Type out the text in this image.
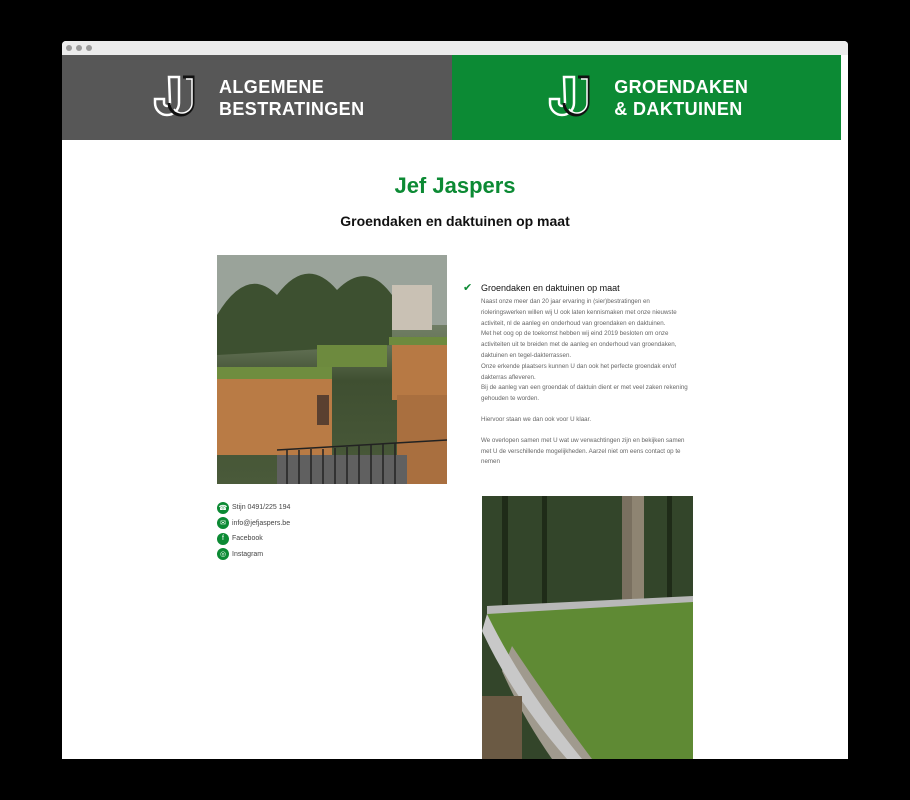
ALGEMENE
BESTRATINGEN
GROENDAKEN
& DAKTUINEN
Jef Jaspers
Groendaken en daktuinen op maat
✔ Groendaken en daktuinen op maat

Naast onze meer dan 20 jaar ervaring in (sier)bestratingen en rioleringswerken willen wij U ook laten kennismaken met onze nieuwste activiteit, nl de aanleg en onderhoud van groendaken en daktuinen.

Met het oog op de toekomst hebben wij eind 2019 besloten om onze activiteiten uit te breiden met de aanleg en onderhoud van groendaken, daktuinen en tegel-dakterrassen.

Onze erkende plaatsers kunnen U dan ook het perfecte groendak en/of dakterras afleveren.

Bij de aanleg van een groendak of daktuin dient er met veel zaken rekening gehouden te worden.

Hiervoor staan we dan ook voor U klaar.

We overlopen samen met U wat uw verwachtingen zijn en bekijken samen met U de verschillende mogelijkheden. Aarzel niet om eens contact op te nemen

☎ Stijn 0491/225 194
✉ info@jefjaspers.be
f	Facebook
◎ Instagram
